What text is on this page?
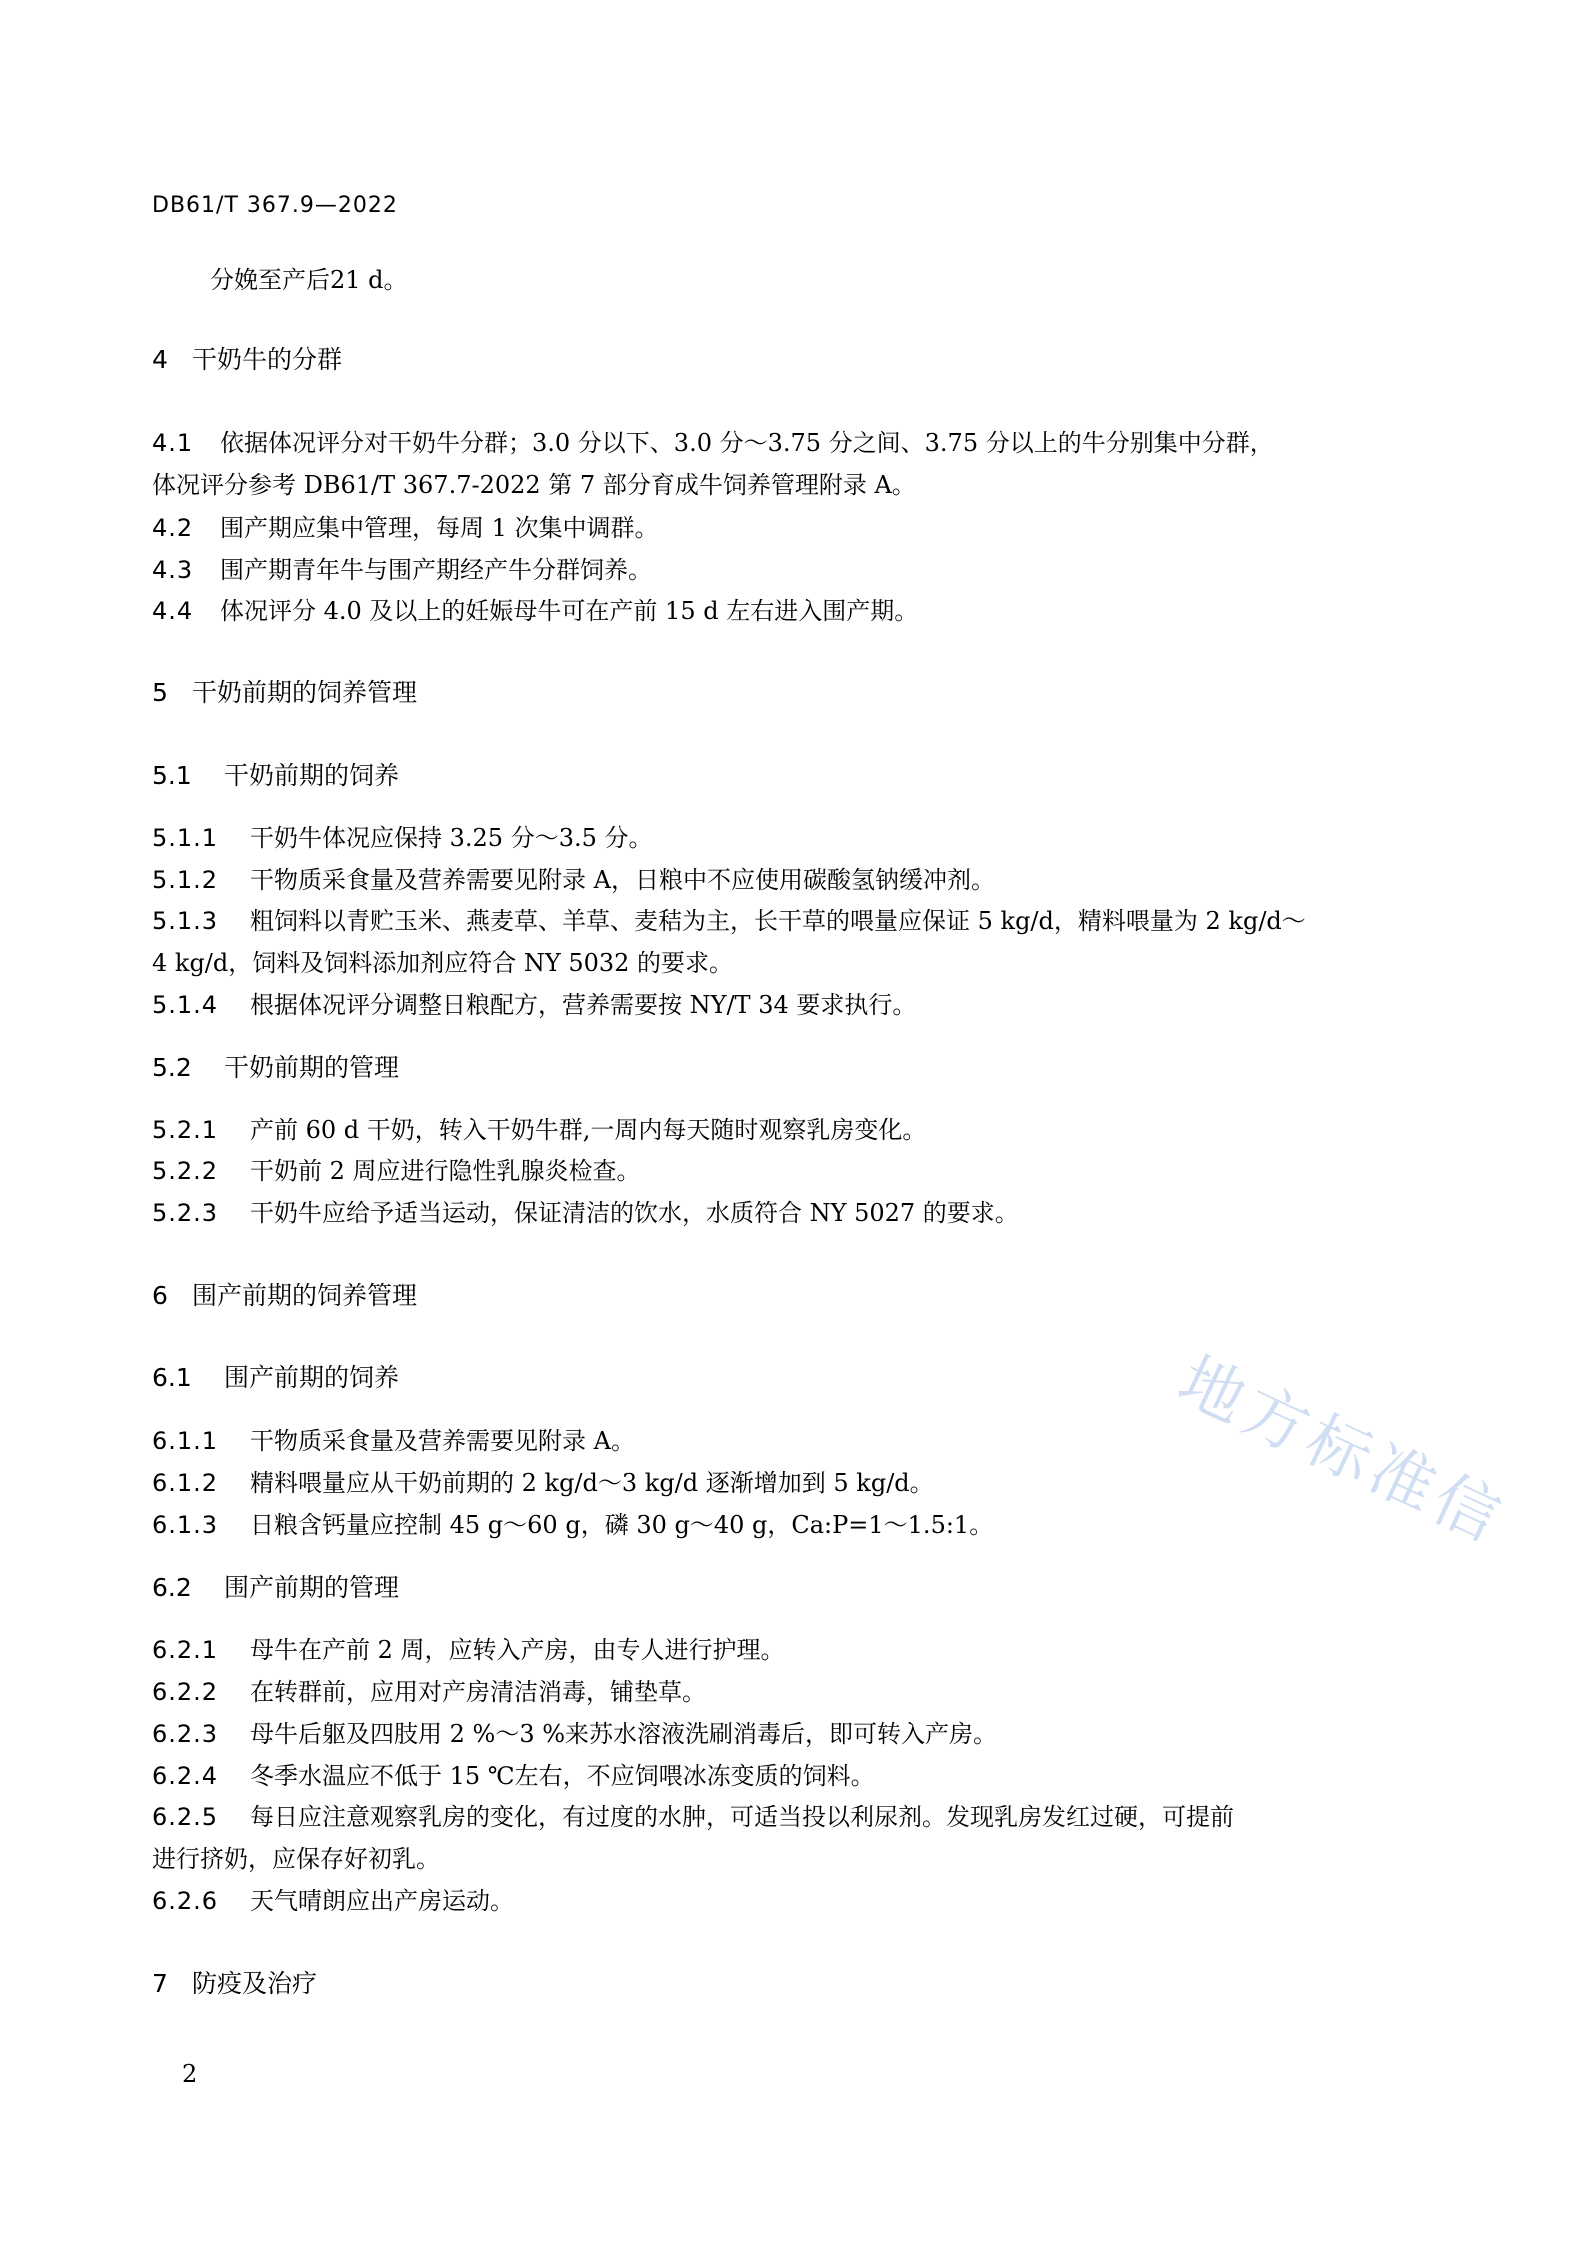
DB61/T 367.9—2022
分娩至产后21 d。
4 干奶牛的分群
4.1 依据体况评分对干奶牛分群；3.0 分以下、3.0 分～3.75 分之间、3.75 分以上的牛分别集中分群，
体况评分参考 DB61/T 367.7-2022 第 7 部分育成牛饲养管理附录 A。
4.2 围产期应集中管理，每周 1 次集中调群。
4.3 围产期青年牛与围产期经产牛分群饲养。
4.4 体况评分 4.0 及以上的妊娠母牛可在产前 15 d 左右进入围产期。
5 干奶前期的饲养管理
5.1 干奶前期的饲养
5.1.1 干奶牛体况应保持 3.25 分～3.5 分。
5.1.2 干物质采食量及营养需要见附录 A，日粮中不应使用碳酸氢钠缓冲剂。
5.1.3 粗饲料以青贮玉米、燕麦草、羊草、麦秸为主，长干草的喂量应保证 5 kg/d，精料喂量为 2 kg/d～
4 kg/d，饲料及饲料添加剂应符合 NY 5032 的要求。
5.1.4 根据体况评分调整日粮配方，营养需要按 NY/T 34 要求执行。
5.2 干奶前期的管理
5.2.1 产前 60 d 干奶，转入干奶牛群,一周内每天随时观察乳房变化。
5.2.2 干奶前 2 周应进行隐性乳腺炎检查。
5.2.3 干奶牛应给予适当运动，保证清洁的饮水，水质符合 NY 5027 的要求。
6 围产前期的饲养管理
6.1 围产前期的饲养
6.1.1 干物质采食量及营养需要见附录 A。
6.1.2 精料喂量应从干奶前期的 2 kg/d～3 kg/d 逐渐增加到 5 kg/d。
6.1.3 日粮含钙量应控制 45 g～60 g，磷 30 g～40 g，Ca:P=1～1.5:1。
6.2 围产前期的管理
6.2.1 母牛在产前 2 周，应转入产房，由专人进行护理。
6.2.2 在转群前，应用对产房清洁消毒，铺垫草。
6.2.3 母牛后躯及四肢用 2 %～3 %来苏水溶液洗刷消毒后，即可转入产房。
6.2.4 冬季水温应不低于 15 ℃左右，不应饲喂冰冻变质的饲料。
6.2.5 每日应注意观察乳房的变化，有过度的水肿，可适当投以利尿剂。发现乳房发红过硬，可提前
进行挤奶，应保存好初乳。
6.2.6 天气晴朗应出产房运动。
7 防疫及治疗
2
地方标准信
